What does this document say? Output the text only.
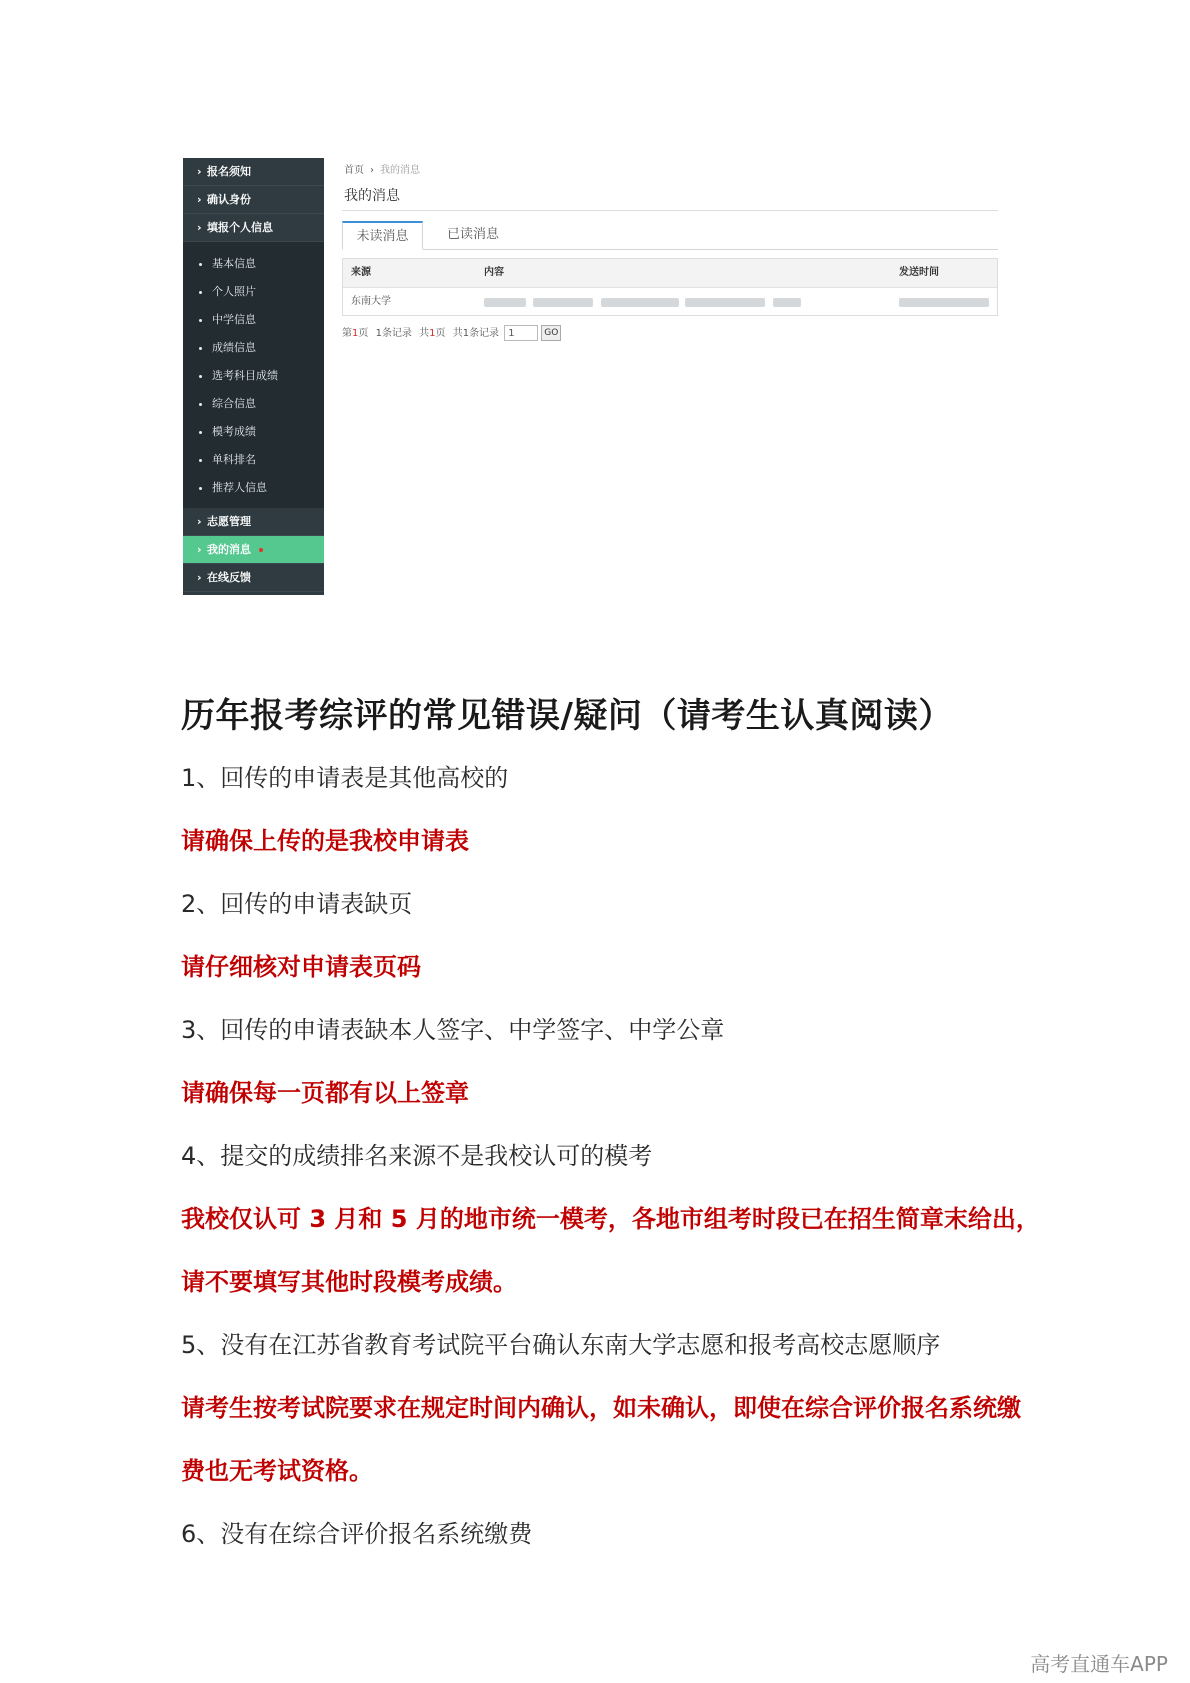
› 报名须知
› 确认身份
› 填报个人信息
基本信息
个人照片
中学信息
成绩信息
选考科目成绩
综合信息
模考成绩
单科排名
推荐人信息
› 志愿管理
› 我的消息
› 在线反馈
首页 › 我的消息
我的消息
未读消息	已读消息
来源	内容	发送时间
东南大学
第1页 1条记录 共1页 共1条记录 1	GO
历年报考综评的常见错误/疑问（请考生认真阅读）
1、回传的申请表是其他高校的
请确保上传的是我校申请表
2、回传的申请表缺页
请仔细核对申请表页码
3、回传的申请表缺本人签字、中学签字、中学公章
请确保每一页都有以上签章
4、提交的成绩排名来源不是我校认可的模考
我校仅认可 3 月和 5 月的地市统一模考，各地市组考时段已在招生简章末给出，
请不要填写其他时段模考成绩。
5、没有在江苏省教育考试院平台确认东南大学志愿和报考高校志愿顺序
请考生按考试院要求在规定时间内确认，如未确认，即使在综合评价报名系统缴
费也无考试资格。
6、没有在综合评价报名系统缴费
高考直通车APP
